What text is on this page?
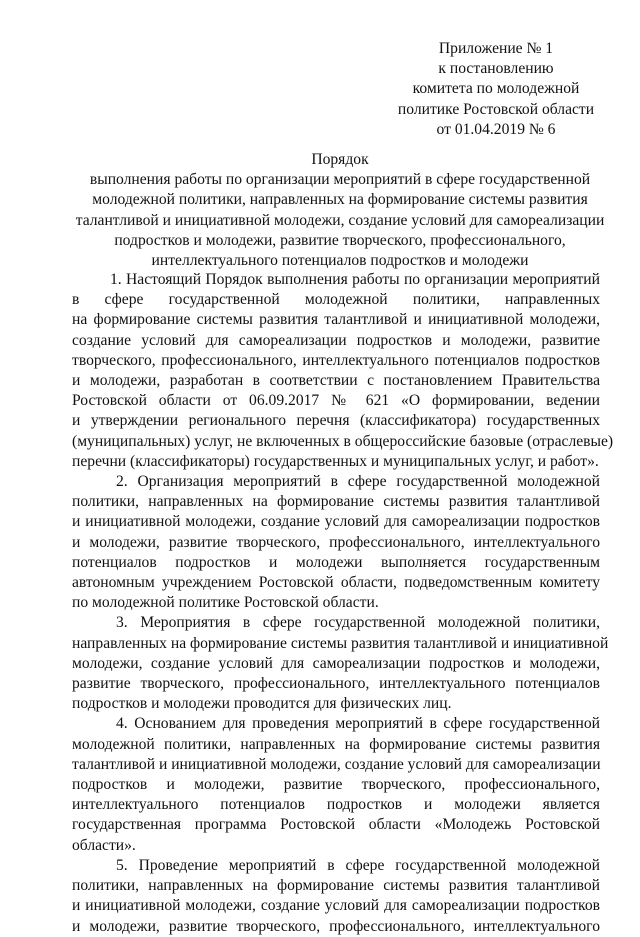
Приложение № 1
к постановлению
комитета по молодежной
политике Ростовской области
от 01.04.2019 № 6
Порядок
выполнения работы по организации мероприятий в сфере государственной
молодежной политики, направленных на формирование системы развития
талантливой и инициативной молодежи, создание условий для самореализации
подростков и молодежи, развитие творческого, профессионального,
интеллектуального потенциалов подростков и молодежи
1. Настоящий Порядок выполнения работы по организации мероприятий
в сфере государственной молодежной политики, направленных
на формирование системы развития талантливой и инициативной молодежи,
создание условий для самореализации подростков и молодежи, развитие
творческого, профессионального, интеллектуального потенциалов подростков
и молодежи, разработан в соответствии с постановлением Правительства
Ростовской области от 06.09.2017 № 621 «О формировании, ведении
и утверждении регионального перечня (классификатора) государственных
(муниципальных) услуг, не включенных в общероссийские базовые (отраслевые)
перечни (классификаторы) государственных и муниципальных услуг, и работ».
2. Организация мероприятий в сфере государственной молодежной
политики, направленных на формирование системы развития талантливой
и инициативной молодежи, создание условий для самореализации подростков
и молодежи, развитие творческого, профессионального, интеллектуального
потенциалов подростков и молодежи выполняется государственным
автономным учреждением Ростовской области, подведомственным комитету
по молодежной политике Ростовской области.
3. Мероприятия в сфере государственной молодежной политики,
направленных на формирование системы развития талантливой и инициативной
молодежи, создание условий для самореализации подростков и молодежи,
развитие творческого, профессионального, интеллектуального потенциалов
подростков и молодежи проводится для физических лиц.
4. Основанием для проведения мероприятий в сфере государственной
молодежной политики, направленных на формирование системы развития
талантливой и инициативной молодежи, создание условий для самореализации
подростков и молодежи, развитие творческого, профессионального,
интеллектуального потенциалов подростков и молодежи является
государственная программа Ростовской области «Молодежь Ростовской
области».
5. Проведение мероприятий в сфере государственной молодежной
политики, направленных на формирование системы развития талантливой
и инициативной молодежи, создание условий для самореализации подростков
и молодежи, развитие творческого, профессионального, интеллектуального
